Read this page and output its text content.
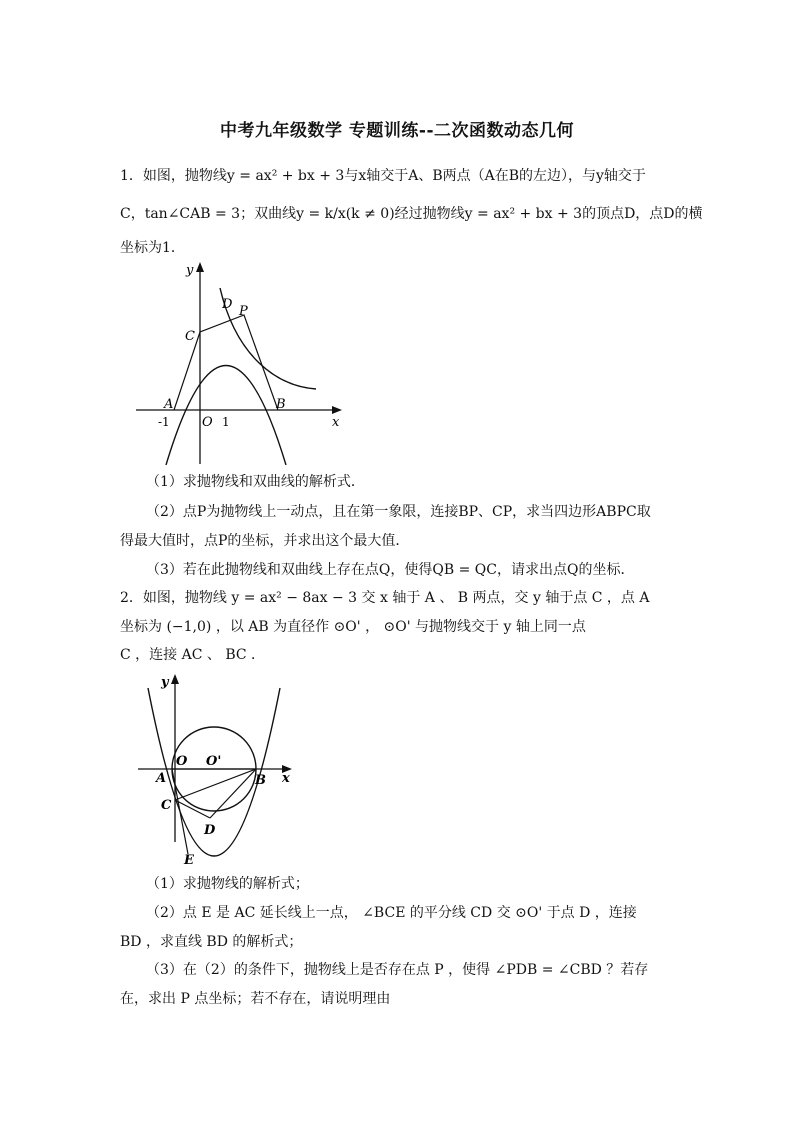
中考九年级数学 专题训练--二次函数动态几何
1．如图，抛物线y = ax² + bx + 3与x轴交于A、B两点（A在B的左边），与y轴交于
C，tan∠CAB = 3；双曲线y = k/x(k ≠ 0)经过抛物线y = ax² + bx + 3的顶点D，点D的横
坐标为1．
y
x
D P
C
A	B
O
-1	1
（1）求抛物线和双曲线的解析式．
（2）点P为抛物线上一动点，且在第一象限，连接BP、CP，求当四边形ABPC取
得最大值时，点P的坐标，并求出这个最大值．
（3）若在此抛物线和双曲线上存在点Q，使得QB = QC，请求出点Q的坐标．
2．如图，抛物线 y = ax² − 8ax − 3 交 x 轴于 A 、 B 两点，交 y 轴于点 C ，点 A
坐标为 (−1,0) ，以 AB 为直径作 ⊙O' ， ⊙O' 与抛物线交于 y 轴上同一点
C ，连接 AC 、 BC ．
y
x
A
O O'
B
C
D
E
（1）求抛物线的解析式；
（2）点 E 是 AC 延长线上一点， ∠BCE 的平分线 CD 交 ⊙O' 于点 D ，连接
BD ，求直线 BD 的解析式；
（3）在（2）的条件下，抛物线上是否存在点 P ，使得 ∠PDB = ∠CBD ？若存
在，求出 P 点坐标；若不存在，请说明理由
